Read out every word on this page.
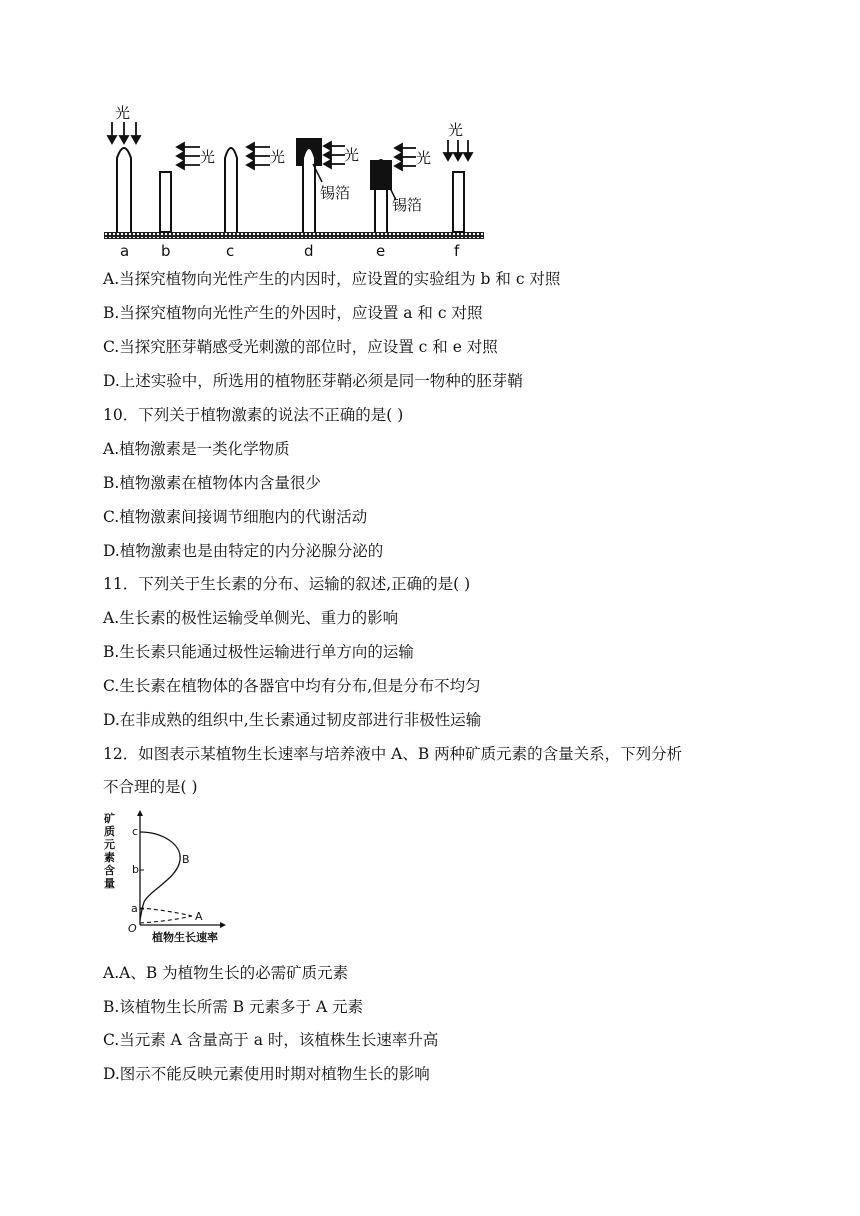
光
光	光	光
锡箔
光
锡箔
光
a b	c	d	e	f
A.当探究植物向光性产生的内因时，应设置的实验组为 b 和 c 对照
B.当探究植物向光性产生的外因时，应设置 a 和 c 对照
C.当探究胚芽鞘感受光刺激的部位时，应设置 c 和 e 对照
D.上述实验中，所选用的植物胚芽鞘必须是同一物种的胚芽鞘
10．下列关于植物激素的说法不正确的是( )
A.植物激素是一类化学物质
B.植物激素在植物体内含量很少
C.植物激素间接调节细胞内的代谢活动
D.植物激素也是由特定的内分泌腺分泌的
11．下列关于生长素的分布、运输的叙述,正确的是( )
A.生长素的极性运输受单侧光、重力的影响
B.生长素只能通过极性运输进行单方向的运输
C.生长素在植物体的各器官中均有分布,但是分布不均匀
D.在非成熟的组织中,生长素通过韧皮部进行非极性运输
12．如图表示某植物生长速率与培养液中 A、B 两种矿质元素的含量关系，下列分析
不合理的是( )
矿
质
元
素
含
量
c
b
a
O
B
A
植物生长速率
A.A、B 为植物生长的必需矿质元素
B.该植物生长所需 B 元素多于 A 元素
C.当元素 A 含量高于 a 时，该植株生长速率升高
D.图示不能反映元素使用时期对植物生长的影响
